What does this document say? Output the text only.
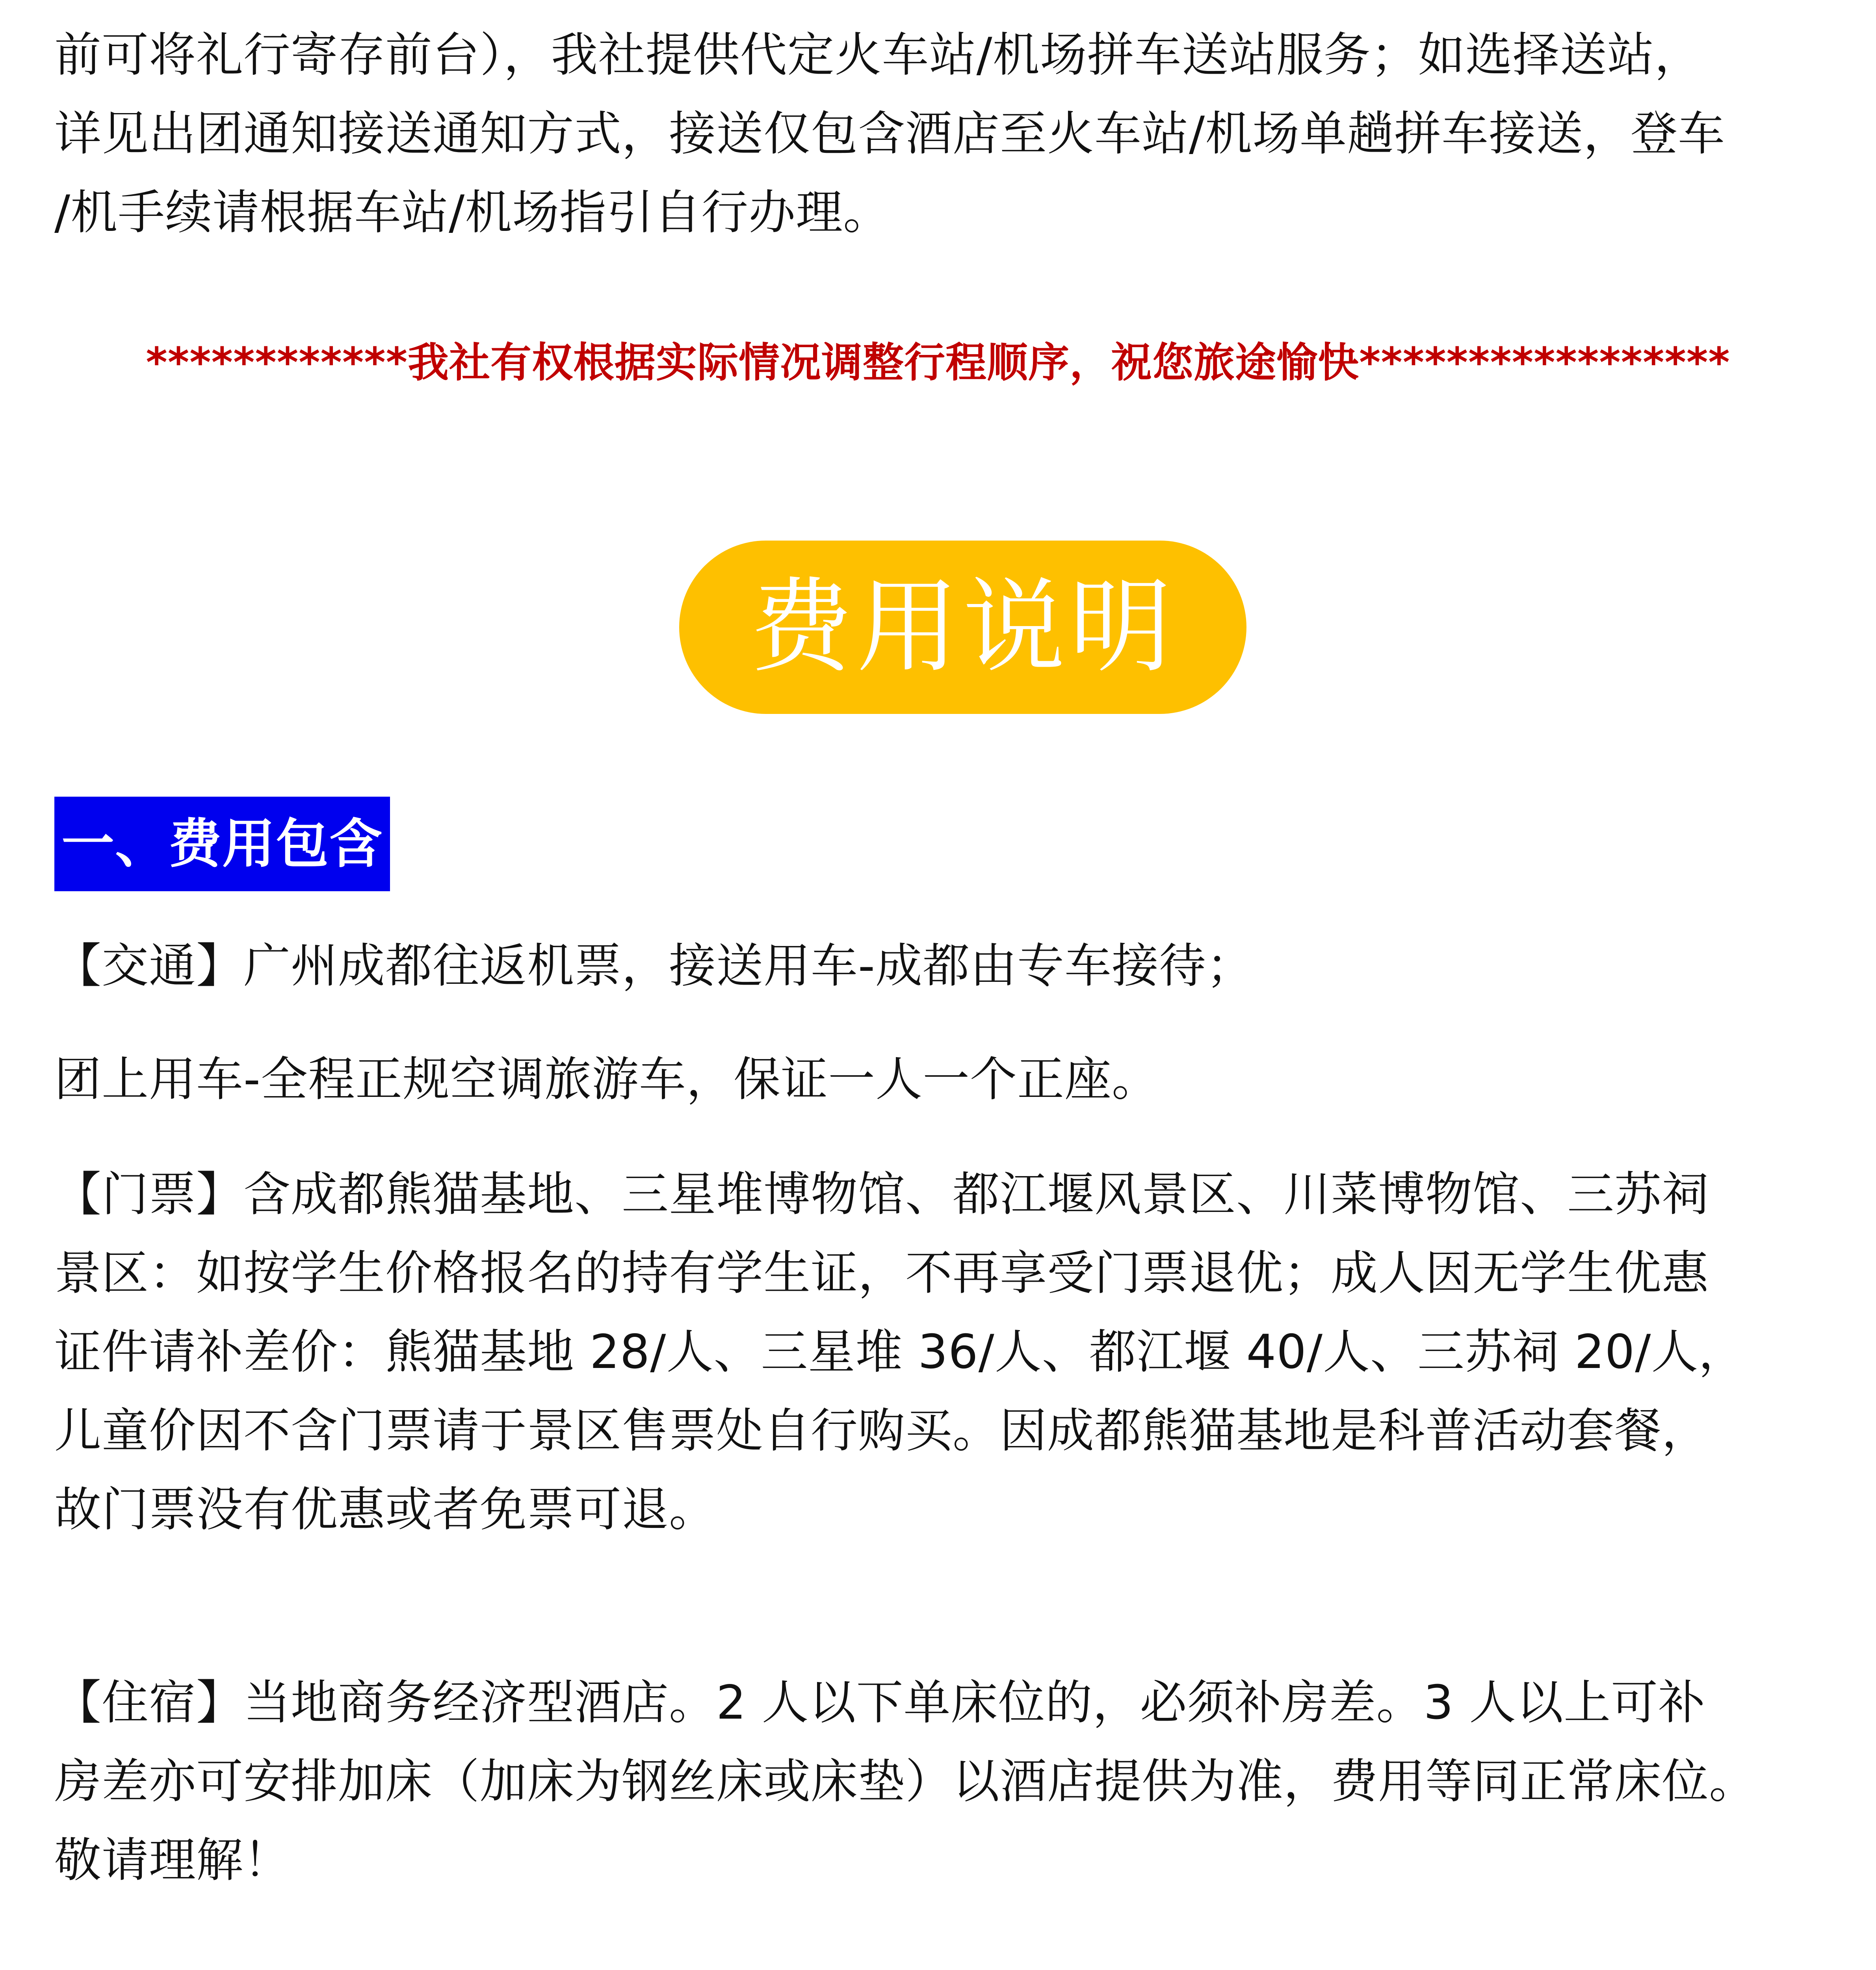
前可将礼行寄存前台），我社提供代定火车站/机场拼车送站服务；如选择送站，
详见出团通知接送通知方式，接送仅包含酒店至火车站/机场单趟拼车接送，登车
/机手续请根据车站/机场指引自行办理。
************我社有权根据实际情况调整行程顺序，祝您旅途愉快*****************
费用说明
一、费用包含
【交通】广州成都往返机票，接送用车-成都由专车接待；
团上用车-全程正规空调旅游车，保证一人一个正座。
【门票】含成都熊猫基地、三星堆博物馆、都江堰风景区、川菜博物馆、三苏祠
景区：如按学生价格报名的持有学生证，不再享受门票退优；成人因无学生优惠
证件请补差价：熊猫基地 28/人、三星堆 36/人、都江堰 40/人、三苏祠 20/人，
儿童价因不含门票请于景区售票处自行购买。因成都熊猫基地是科普活动套餐，
故门票没有优惠或者免票可退。
【住宿】当地商务经济型酒店。2 人以下单床位的，必须补房差。3 人以上可补
房差亦可安排加床（加床为钢丝床或床垫）以酒店提供为准，费用等同正常床位。
敬请理解！
